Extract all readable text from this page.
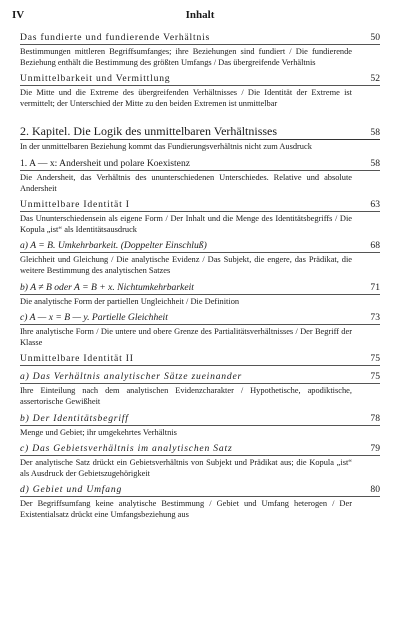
IV	Inhalt
Das fundierte und fundierende Verhältnis	50
Bestimmungen mittleren Begriffsumfanges; ihre Beziehungen sind fundiert / Die fundierende Beziehung enthält die Bestimmung des größten Umfangs / Das übergreifende Verhältnis
Unmittelbarkeit und Vermittlung	52
Die Mitte und die Extreme des übergreifenden Verhältnisses / Die Identität der Extreme ist vermittelt; der Unterschied der Mitte zu den beiden Extremen ist unmittelbar
2. Kapitel. Die Logik des unmittelbaren Verhältnisses	58
In der unmittelbaren Beziehung kommt das Fundierungsverhältnis nicht zum Ausdruck
1. A — x: Andersheit und polare Koexistenz	58
Die Andersheit, das Verhältnis des ununterschiedenen Unterschiedes. Relative und absolute Andersheit
Unmittelbare Identität I	63
Das Ununterschiedensein als eigene Form / Der Inhalt und die Menge des Identitätsbegriffs / Die Kopula „ist“ als Identitätsausdruck
a) A = B. Umkehrbarkeit. (Doppelter Einschluß)	68
Gleichheit und Gleichung / Die analytische Evidenz / Das Subjekt, die engere, das Prädikat, die weitere Bestimmung des analytischen Satzes
b) A ≠ B oder A = B + x. Nichtumkehrbarkeit	71
Die analytische Form der partiellen Ungleichheit / Die Definition
c) A — x = B — y. Partielle Gleichheit	73
Ihre analytische Form / Die untere und obere Grenze des Partialitätsverhältnisses / Der Begriff der Klasse
Unmittelbare Identität II	75
a) Das Verhältnis analytischer Sätze zueinander	75
Ihre Einteilung nach dem analytischen Evidenzcharakter / Hypothetische, apodiktische, assertorische Gewißheit
b) Der Identitätsbegriff	78
Menge und Gebiet; ihr umgekehrtes Verhältnis
c) Das Gebietsverhältnis im analytischen Satz	79
Der analytische Satz drückt ein Gebietsverhältnis von Subjekt und Prädikat aus; die Kopula „ist“ als Ausdruck der Gebietszugehörigkeit
d) Gebiet und Umfang	80
Der Begriffsumfang keine analytische Bestimmung / Gebiet und Umfang heterogen / Der Existentialsatz drückt eine Umfangsbeziehung aus
